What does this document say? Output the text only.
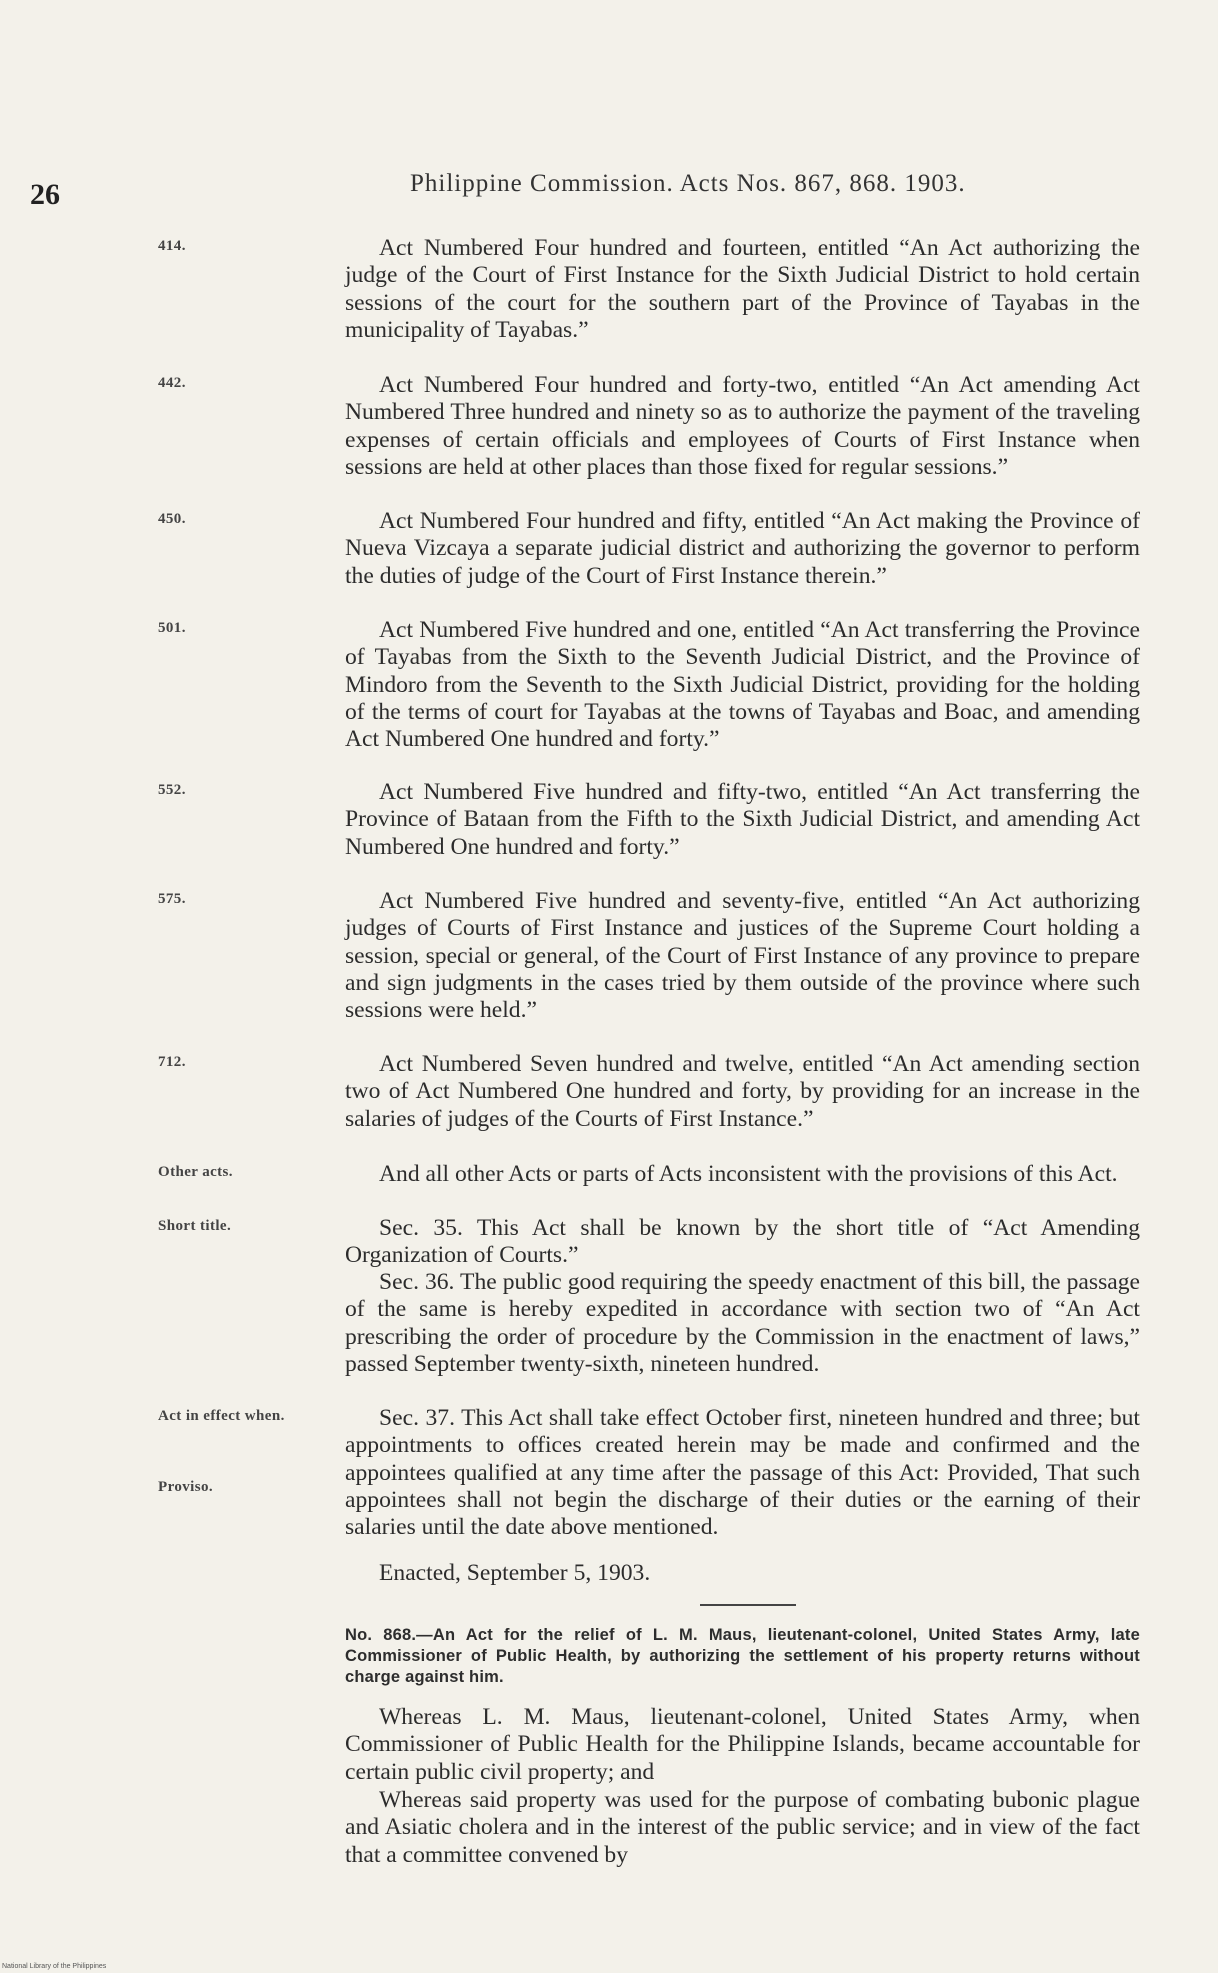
26	Philippine Commission. Acts Nos. 867, 868. 1903.
414.	Act Numbered Four hundred and fourteen, entitled “An Act authorizing the judge of the Court of First Instance for the Sixth Judicial District to hold certain sessions of the court for the southern part of the Province of Tayabas in the municipality of Tayabas.”
442.	Act Numbered Four hundred and forty-two, entitled “An Act amending Act Numbered Three hundred and ninety so as to authorize the payment of the traveling expenses of certain officials and employees of Courts of First Instance when sessions are held at other places than those fixed for regular sessions.”
450.	Act Numbered Four hundred and fifty, entitled “An Act making the Province of Nueva Vizcaya a separate judicial district and authorizing the governor to perform the duties of judge of the Court of First Instance therein.”
501.	Act Numbered Five hundred and one, entitled “An Act transferring the Province of Tayabas from the Sixth to the Seventh Judicial District, and the Province of Mindoro from the Seventh to the Sixth Judicial District, providing for the holding of the terms of court for Tayabas at the towns of Tayabas and Boac, and amending Act Numbered One hundred and forty.”
552.	Act Numbered Five hundred and fifty-two, entitled “An Act transferring the Province of Bataan from the Fifth to the Sixth Judicial District, and amending Act Numbered One hundred and forty.”
575.	Act Numbered Five hundred and seventy-five, entitled “An Act authorizing judges of Courts of First Instance and justices of the Supreme Court holding a session, special or general, of the Court of First Instance of any province to prepare and sign judgments in the cases tried by them outside of the province where such sessions were held.”
712.	Act Numbered Seven hundred and twelve, entitled “An Act amending section two of Act Numbered One hundred and forty, by providing for an increase in the salaries of judges of the Courts of First Instance.”
Other acts.	And all other Acts or parts of Acts inconsistent with the provisions of this Act.
Short title.	Sec. 35. This Act shall be known by the short title of “Act Amending Organization of Courts.”
Sec. 36. The public good requiring the speedy enactment of this bill, the passage of the same is hereby expedited in accordance with section two of “An Act prescribing the order of procedure by the Commission in the enactment of laws,” passed September twenty-sixth, nineteen hundred.
Act in effect when.
Proviso.
Sec. 37. This Act shall take effect October first, nineteen hundred and three; but appointments to offices created herein may be made and confirmed and the appointees qualified at any time after the passage of this Act: Provided, That such appointees shall not begin the discharge of their duties or the earning of their salaries until the date above mentioned.
Enacted, September 5, 1903.
No. 868.—An Act for the relief of L. M. Maus, lieutenant-colonel, United States Army, late Commissioner of Public Health, by authorizing the settlement of his property returns without charge against him.
Whereas L. M. Maus, lieutenant-colonel, United States Army, when Commissioner of Public Health for the Philippine Islands, became accountable for certain public civil property; and
Whereas said property was used for the purpose of combating bubonic plague and Asiatic cholera and in the interest of the public service; and in view of the fact that a committee convened by
National Library of the Philippines
